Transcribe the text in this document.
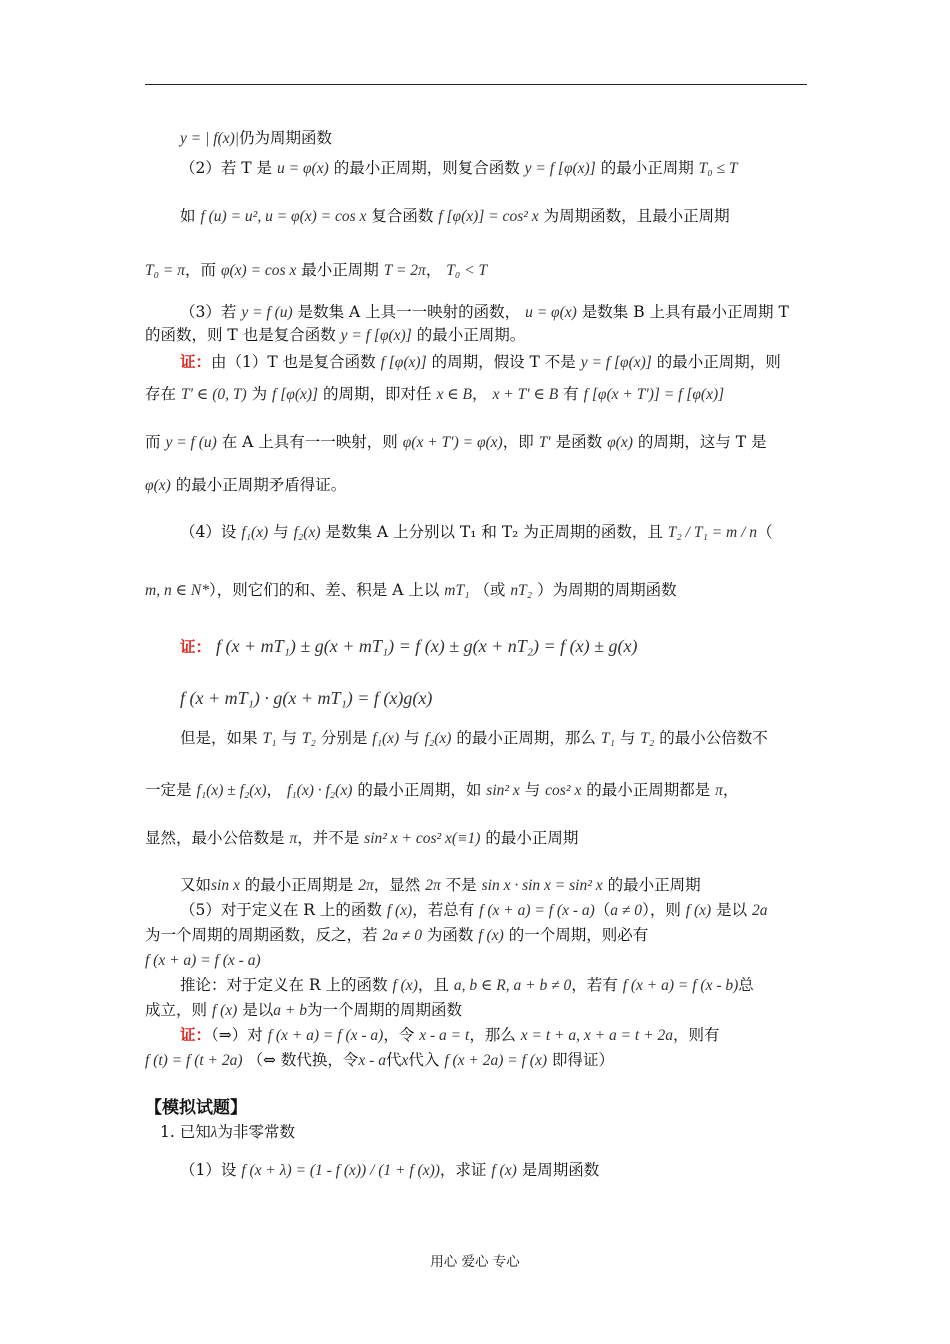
y = | f(x)|仍为周期函数
（2）若 T 是 u = φ(x) 的最小正周期，则复合函数 y = f [φ(x)] 的最小正周期 T₀ ≤ T
如 f (u) = u², u = φ(x) = cos x 复合函数 f [φ(x)] = cos² x 为周期函数，且最小正周期
T₀ = π，而 φ(x) = cos x 最小正周期 T = 2π， T₀ < T
（3）若 y = f (u) 是数集 A 上具一一映射的函数， u = φ(x) 是数集 B 上具有最小正周期 T
的函数，则 T 也是复合函数 y = f [φ(x)] 的最小正周期。
证：由（1）T 也是复合函数 f [φ(x)] 的周期，假设 T 不是 y = f [φ(x)] 的最小正周期，则
存在 T′ ∈ (0, T) 为 f [φ(x)] 的周期，即对任 x ∈ B， x + T′ ∈ B 有 f [φ(x + T′)] = f [φ(x)]
而 y = f (u) 在 A 上具有一一映射，则 φ(x + T′) = φ(x)，即 T′ 是函数 φ(x) 的周期，这与 T 是
φ(x) 的最小正周期矛盾得证。
（4）设 f₁(x) 与 f₂(x) 是数集 A 上分别以 T₁ 和 T₂ 为正周期的函数，且 T₂ / T₁ = m / n（
m, n ∈ N*），则它们的和、差、积是 A 上以 mT₁ （或 nT₂ ）为周期的周期函数
证： f (x + mT₁) ± g(x + mT₁) = f (x) ± g(x + nT₂) = f (x) ± g(x)
f (x + mT₁) · g(x + mT₁) = f (x)g(x)
但是，如果 T₁ 与 T₂ 分别是 f₁(x) 与 f₂(x) 的最小正周期，那么 T₁ 与 T₂ 的最小公倍数不
一定是 f₁(x) ± f₂(x)， f₁(x) · f₂(x) 的最小正周期，如 sin² x 与 cos² x 的最小正周期都是 π，
显然，最小公倍数是 π，并不是 sin² x + cos² x(≡1) 的最小正周期
又如sin x 的最小正周期是 2π，显然 2π 不是 sin x · sin x = sin² x 的最小正周期
（5）对于定义在 R 上的函数 f (x)，若总有 f (x + a) = f (x - a)（a ≠ 0），则 f (x) 是以 2a
为一个周期的周期函数，反之，若 2a ≠ 0 为函数 f (x) 的一个周期，则必有
f (x + a) = f (x - a)
推论：对于定义在 R 上的函数 f (x)，且 a, b ∈ R, a + b ≠ 0，若有 f (x + a) = f (x - b)总
成立，则 f (x) 是以a + b为一个周期的周期函数
证：（⇒）对 f (x + a) = f (x - a)，令 x - a = t，那么 x = t + a, x + a = t + 2a，则有
f (t) = f (t + 2a) （⇔ 数代换，令x - a代x代入 f (x + 2a) = f (x) 即得证）
【模拟试题】
1. 已知λ为非零常数
（1）设 f (x + λ) = (1 - f (x)) / (1 + f (x))，求证 f (x) 是周期函数
用心 爱心 专心
